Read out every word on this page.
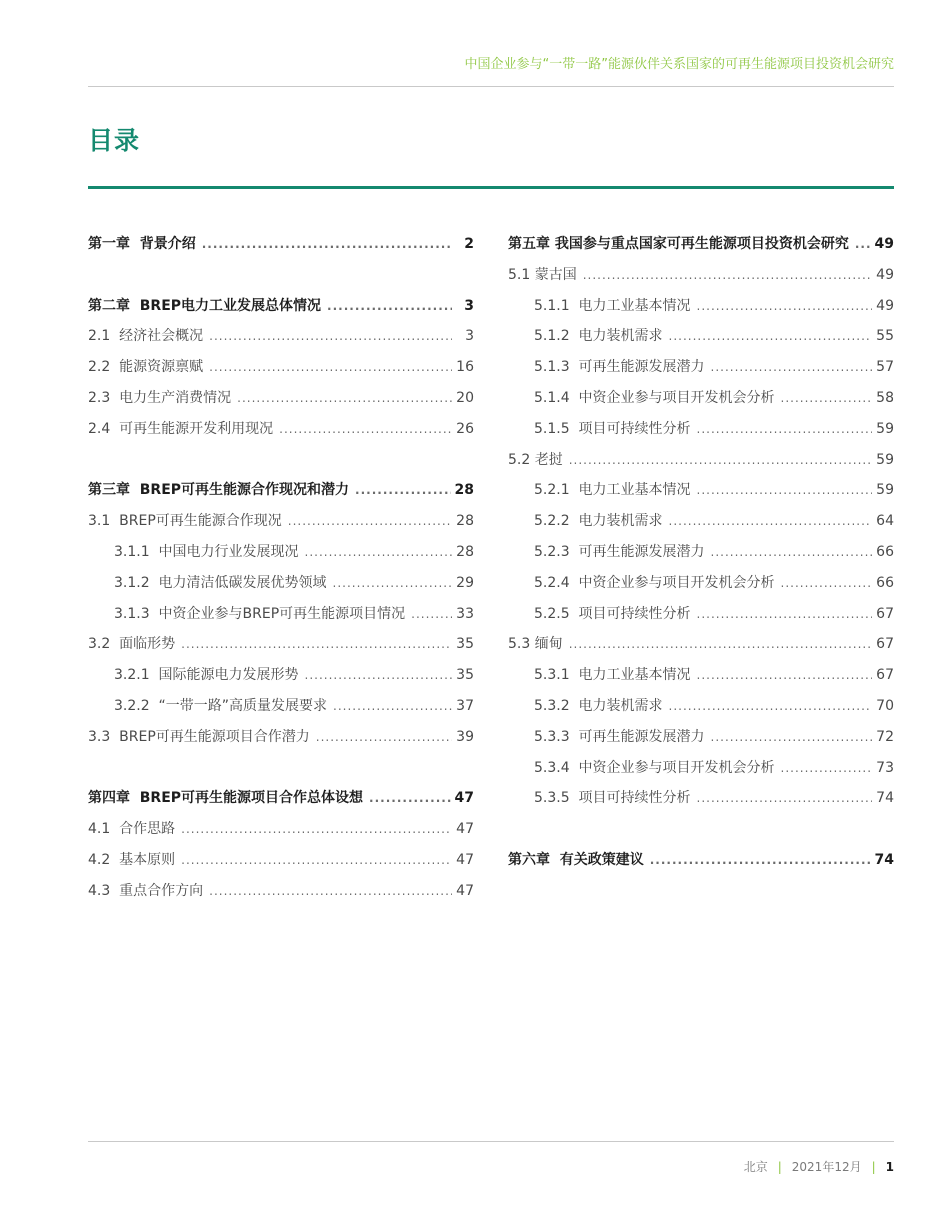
中国企业参与“一带一路”能源伙伴关系国家的可再生能源项目投资机会研究
目录
第一章  背景介绍 .....	2
第二章  BREP电力工业发展总体情况 .....	3
2.1  经济社会概况 .....	3
2.2  能源资源禀赋 .....	16
2.3  电力生产消费情况 .....	20
2.4  可再生能源开发利用现况 .....	26
第三章  BREP可再生能源合作现况和潜力 .....	28
3.1  BREP可再生能源合作现况 .....	28
3.1.1  中国电力行业发展现况 .....	28
3.1.2  电力清洁低碳发展优势领域 .....	29
3.1.3  中资企业参与BREP可再生能源项目情况 .....	33
3.2  面临形势 .....	35
3.2.1  国际能源电力发展形势 .....	35
3.2.2  “一带一路”高质量发展要求 .....	37
3.3  BREP可再生能源项目合作潜力 .....	39
第四章  BREP可再生能源项目合作总体设想 .....	47
4.1  合作思路 .....	47
4.2  基本原则 .....	47
4.3  重点合作方向 .....	47
第五章 我国参与重点国家可再生能源项目投资机会研究 ..... 49
5.1 蒙古国 .....	49
5.1.1  电力工业基本情况 .....	49
5.1.2  电力装机需求 .....	55
5.1.3  可再生能源发展潜力 .....	57
5.1.4  中资企业参与项目开发机会分析 .....	58
5.1.5  项目可持续性分析 .....	59
5.2 老挝 .....	59
5.2.1  电力工业基本情况 .....	59
5.2.2  电力装机需求 .....	64
5.2.3  可再生能源发展潜力 .....	66
5.2.4  中资企业参与项目开发机会分析 .....	66
5.2.5  项目可持续性分析 .....	67
5.3 缅甸 .....	67
5.3.1  电力工业基本情况 .....	67
5.3.2  电力装机需求 .....	70
5.3.3  可再生能源发展潜力 .....	72
5.3.4  中资企业参与项目开发机会分析 .....	73
5.3.5  项目可持续性分析 .....	74
第六章  有关政策建议 .....	74
北京 | 2021年12月 | 1
